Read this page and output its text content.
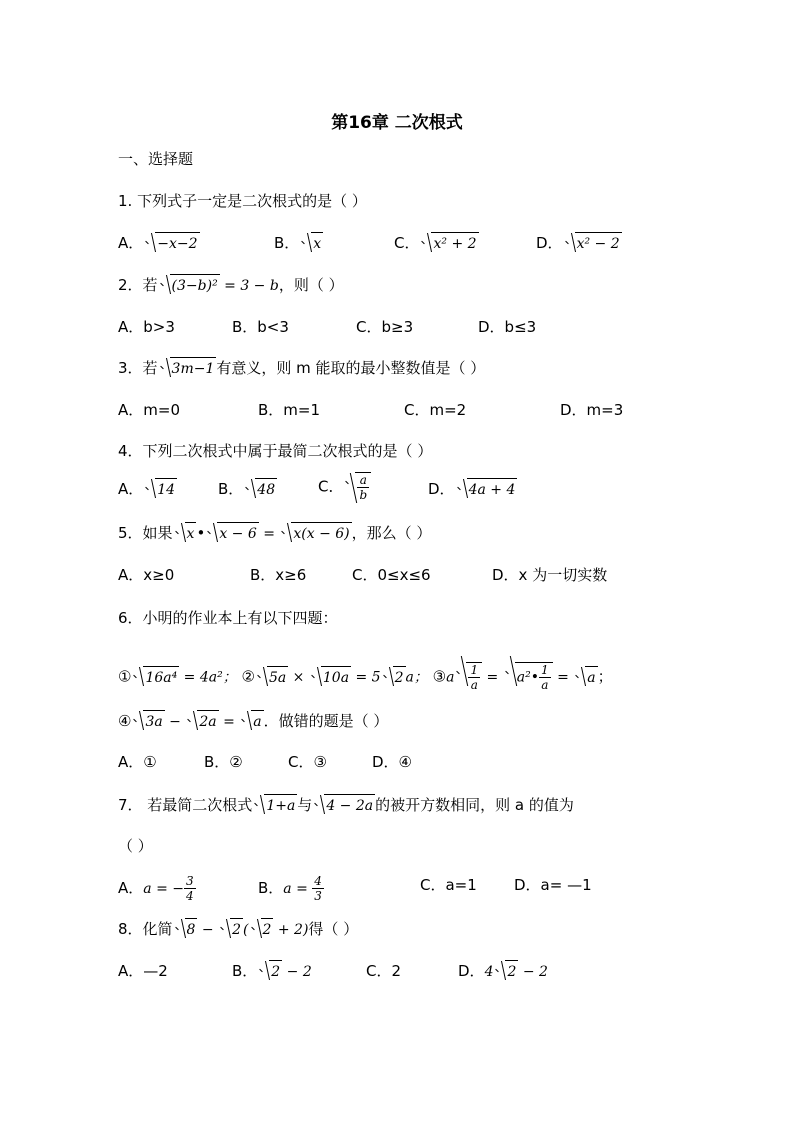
第16章 二次根式
一、选择题
1. 下列式子一定是二次根式的是（ ）
A． −x−2	B． x	C． x² + 2	D． x² − 2
2．若 (3−b)² = 3 − b，则（ ）
A．b>3	B．b<3	C．b≥3	D．b≤3
3．若 3m−1 有意义，则 m 能取的最小整数值是（ ）
A．m=0	B．m=1	C．m=2	D．m=3
4．下列二次根式中属于最简二次根式的是（ ）
A． 14	B． 48	C． $\frac{a}{b}$	D． 4a + 4
5．如果 x • x − 6 =
x(x − 6) ，那么（ ）
A．x≥0	B．x≥6	C．0≤x≤6	D．x 为一切实数
6．小明的作业本上有以下四题：
① 16a⁴ = 4a²； ② 5a ×
10a = 5 2 a； ③a $\frac{1}{a}$ =
a²• $\frac{1}{a}$ =
a ；
④ 3a −
2a =
a ．做错的题是（ ）
A．①	B．②	C．③	D．④
7． 若最简二次根式 1+a 与 4 − 2a 的被开方数相同，则 a 的值为
（ ）
A．a = − $\frac{3}{4}$	B．$a = \frac{4}{3}$	C．a=1 D．a= —1
8．化简 8 −
2 ( 2 + 2)得（ ）
A．—2	B． 2 − 2	C．2	D．4 2 − 2
